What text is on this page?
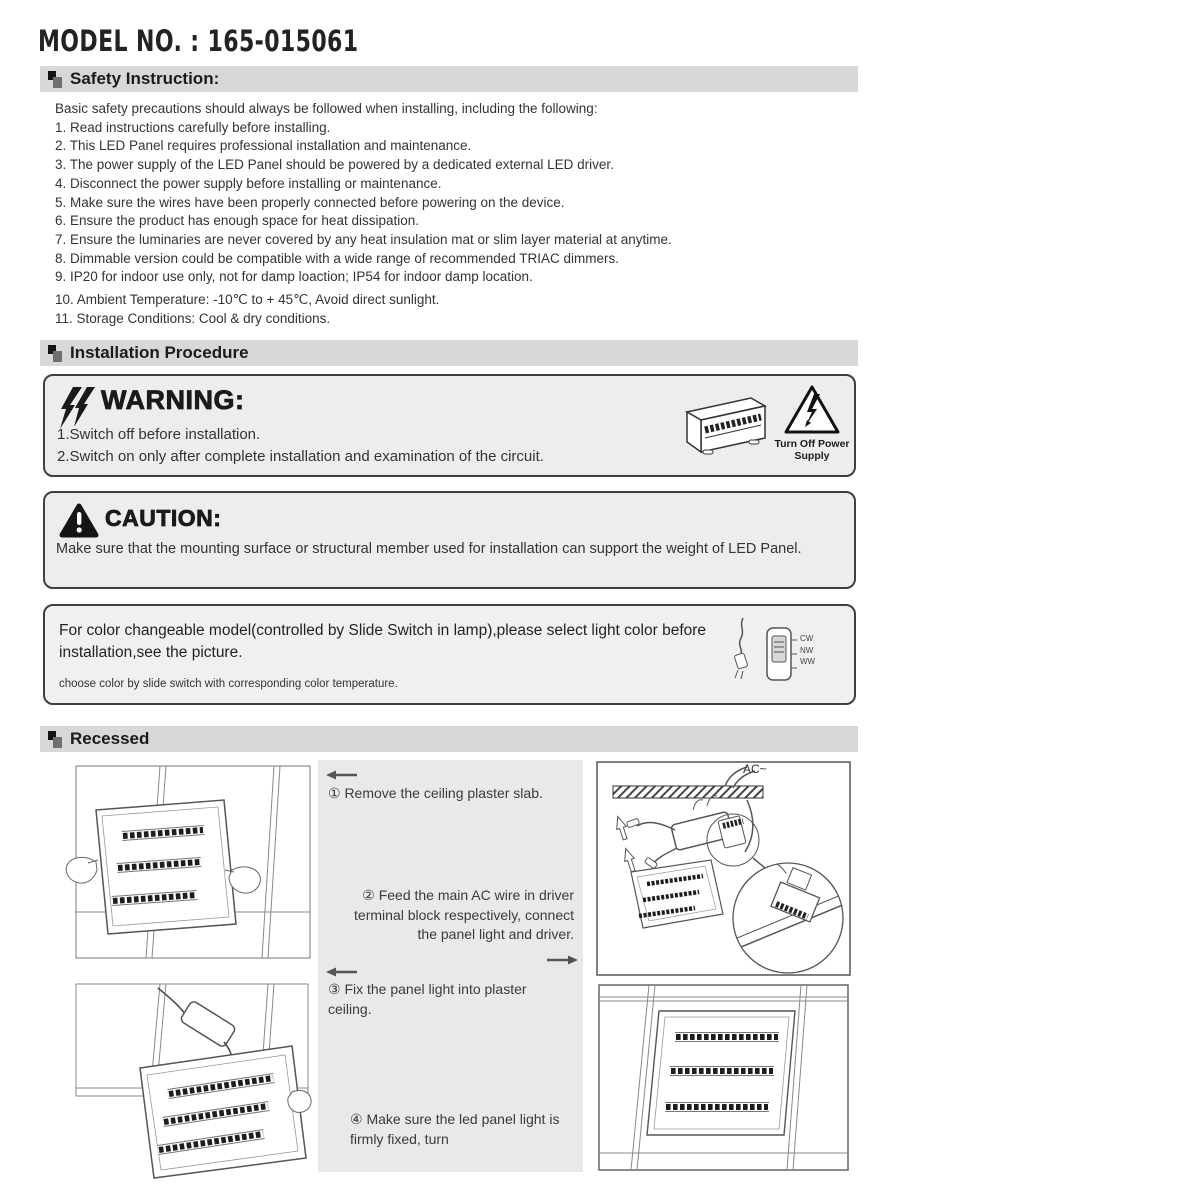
MODEL NO. : 165-015061
Safety Instruction:
Basic safety precautions should always be followed when installing, including the following:
1. Read instructions carefully before installing.
2. This LED Panel requires professional installation and maintenance.
3. The power supply of the LED Panel should be powered by a dedicated external LED driver.
4. Disconnect the power supply before installing or maintenance.
5. Make sure the wires have been properly connected before powering on the device.
6. Ensure the product has enough space for heat dissipation.
7. Ensure the luminaries are never covered by any heat insulation mat or slim layer material at anytime.
8. Dimmable version could be compatible with a wide range of recommended TRIAC dimmers.
9. IP20 for indoor use only, not for damp loaction; IP54 for indoor damp location.
10. Ambient Temperature: -10℃ to + 45℃, Avoid direct sunlight.
11. Storage Conditions: Cool & dry conditions.
Installation Procedure
WARNING:
1.Switch off before installation.
2.Switch on only after complete installation and examination of the circuit.
Turn Off Power Supply
CAUTION:
Make sure that the mounting surface or structural member used for installation can support the weight of LED Panel.
For color changeable model(controlled by Slide Switch in lamp),please select light color before installation,see the picture.
choose color by slide switch with corresponding color temperature.
CW
NW
WW
Recessed
① Remove the ceiling plaster slab.
② Feed the main AC wire in driver terminal block respectively, connect the panel light and driver.
③ Fix the panel light into plaster ceiling.
④ Make sure the led panel light is firmly fixed, turn
AC~
